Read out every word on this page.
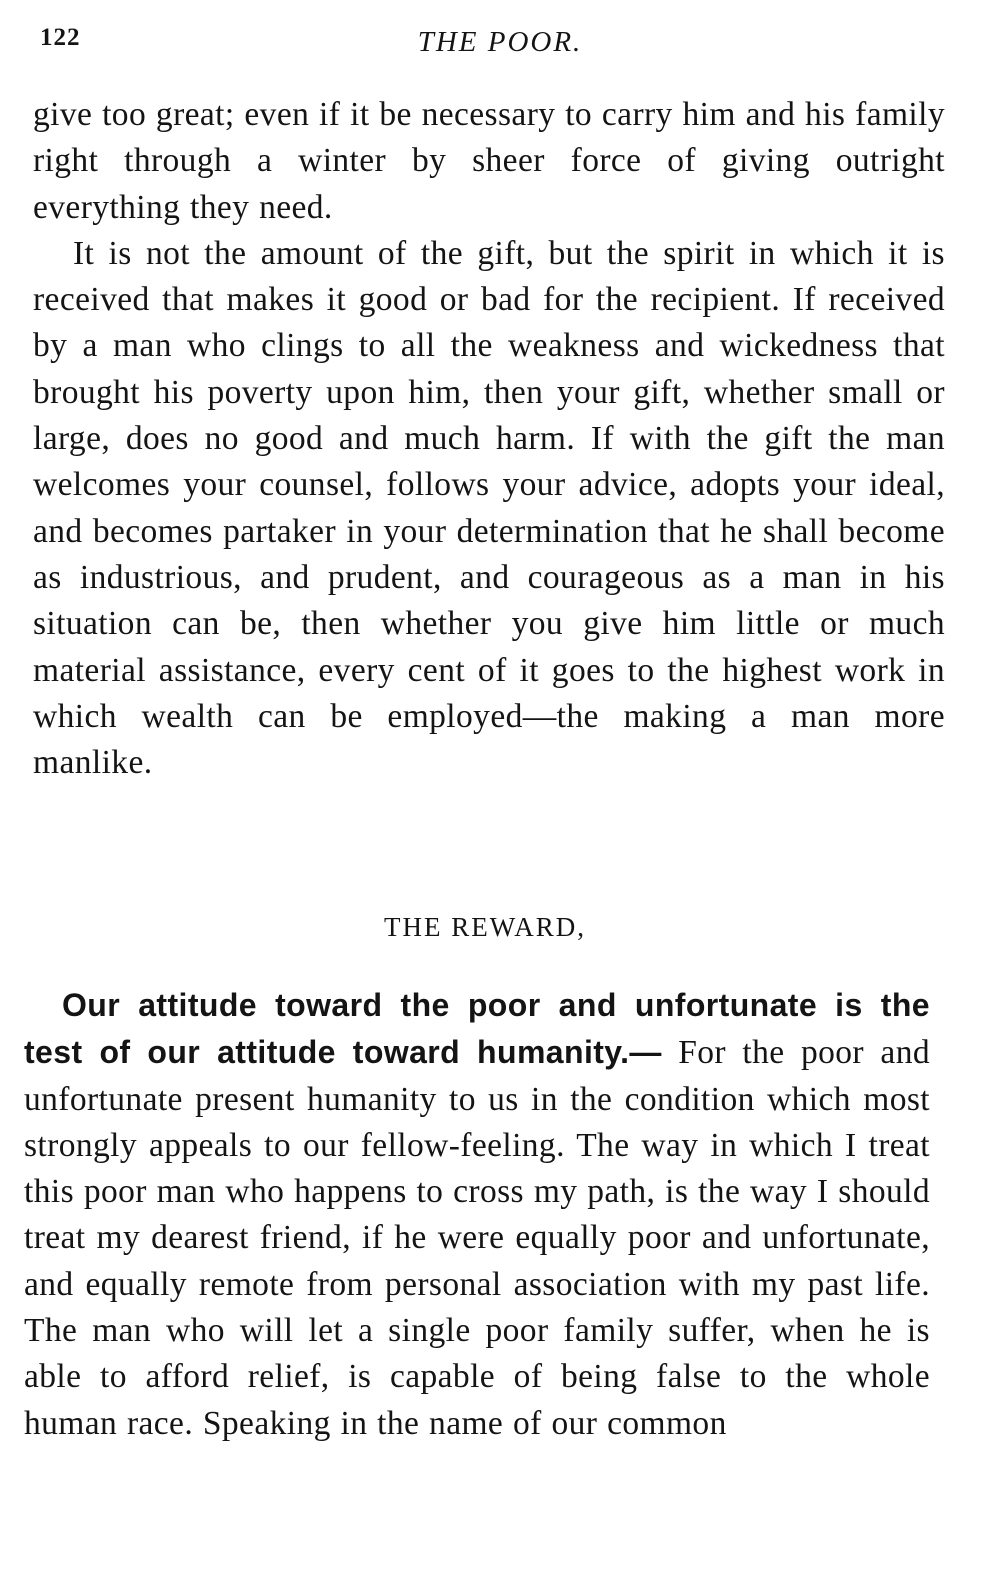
122	THE POOR.

give too great; even if it be necessary to carry him and his family right through a winter by sheer force of giving outright everything they need.

It is not the amount of the gift, but the spirit in which it is received that makes it good or bad for the recipient. If received by a man who clings to all the weakness and wickedness that brought his poverty upon him, then your gift, whether small or large, does no good and much harm. If with the gift the man welcomes your counsel, follows your advice, adopts your ideal, and becomes partaker in your determination that he shall become as industrious, and prudent, and courageous as a man in his situation can be, then whether you give him little or much material assistance, every cent of it goes to the highest work in which wealth can be employed—the making a man more manlike.

THE REWARD,

Our attitude toward the poor and unfortunate is the test of our attitude toward humanity.— For the poor and unfortunate present humanity to us in the condition which most strongly appeals to our fellow-feeling. The way in which I treat this poor man who happens to cross my path, is the way I should treat my dearest friend, if he were equally poor and unfortunate, and equally remote from personal association with my past life. The man who will let a single poor family suffer, when he is able to afford relief, is capable of being false to the whole human race. Speaking in the name of our common
